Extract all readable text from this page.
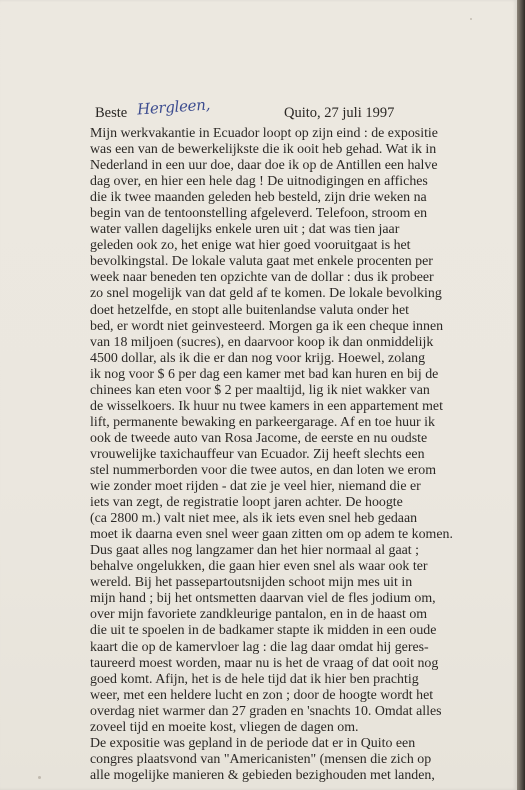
Beste Hergleen,	Quito, 27 juli 1997
Mijn werkvakantie in Ecuador loopt op zijn eind : de expositie
was een van de bewerkelijkste die ik ooit heb gehad. Wat ik in
Nederland in een uur doe, daar doe ik op de Antillen een halve
dag over, en hier een hele dag ! De uitnodigingen en affiches
die ik twee maanden geleden heb besteld, zijn drie weken na
begin van de tentoonstelling afgeleverd. Telefoon, stroom en
water vallen dagelijks enkele uren uit ; dat was tien jaar
geleden ook zo, het enige wat hier goed vooruitgaat is het
bevolkingstal. De lokale valuta gaat met enkele procenten per
week naar beneden ten opzichte van de dollar : dus ik probeer
zo snel mogelijk van dat geld af te komen. De lokale bevolking
doet hetzelfde, en stopt alle buitenlandse valuta onder het
bed, er wordt niet geinvesteerd. Morgen ga ik een cheque innen
van 18 miljoen (sucres), en daarvoor koop ik dan onmiddelijk
4500 dollar, als ik die er dan nog voor krijg. Hoewel, zolang
ik nog voor $ 6 per dag een kamer met bad kan huren en bij de
chinees kan eten voor $ 2 per maaltijd, lig ik niet wakker van
de wisselkoers. Ik huur nu twee kamers in een appartement met
lift, permanente bewaking en parkeergarage. Af en toe huur ik
ook de tweede auto van Rosa Jacome, de eerste en nu oudste
vrouwelijke taxichauffeur van Ecuador. Zij heeft slechts een
stel nummerborden voor die twee autos, en dan loten we erom
wie zonder moet rijden - dat zie je veel hier, niemand die er
iets van zegt, de registratie loopt jaren achter. De hoogte
(ca 2800 m.) valt niet mee, als ik iets even snel heb gedaan
moet ik daarna even snel weer gaan zitten om op adem te komen.
Dus gaat alles nog langzamer dan het hier normaal al gaat ;
behalve ongelukken, die gaan hier even snel als waar ook ter
wereld. Bij het passepartoutsnijden schoot mijn mes uit in
mijn hand ; bij het ontsmetten daarvan viel de fles jodium om,
over mijn favoriete zandkleurige pantalon, en in de haast om
die uit te spoelen in de badkamer stapte ik midden in een oude
kaart die op de kamervloer lag : die lag daar omdat hij geres-
taureerd moest worden, maar nu is het de vraag of dat ooit nog
goed komt. Afijn, het is de hele tijd dat ik hier ben prachtig
weer, met een heldere lucht en zon ; door de hoogte wordt het
overdag niet warmer dan 27 graden en 'snachts 10. Omdat alles
zoveel tijd en moeite kost, vliegen de dagen om.
De expositie was gepland in de periode dat er in Quito een
congres plaatsvond van "Americanisten" (mensen die zich op
alle mogelijke manieren & gebieden bezighouden met landen,
